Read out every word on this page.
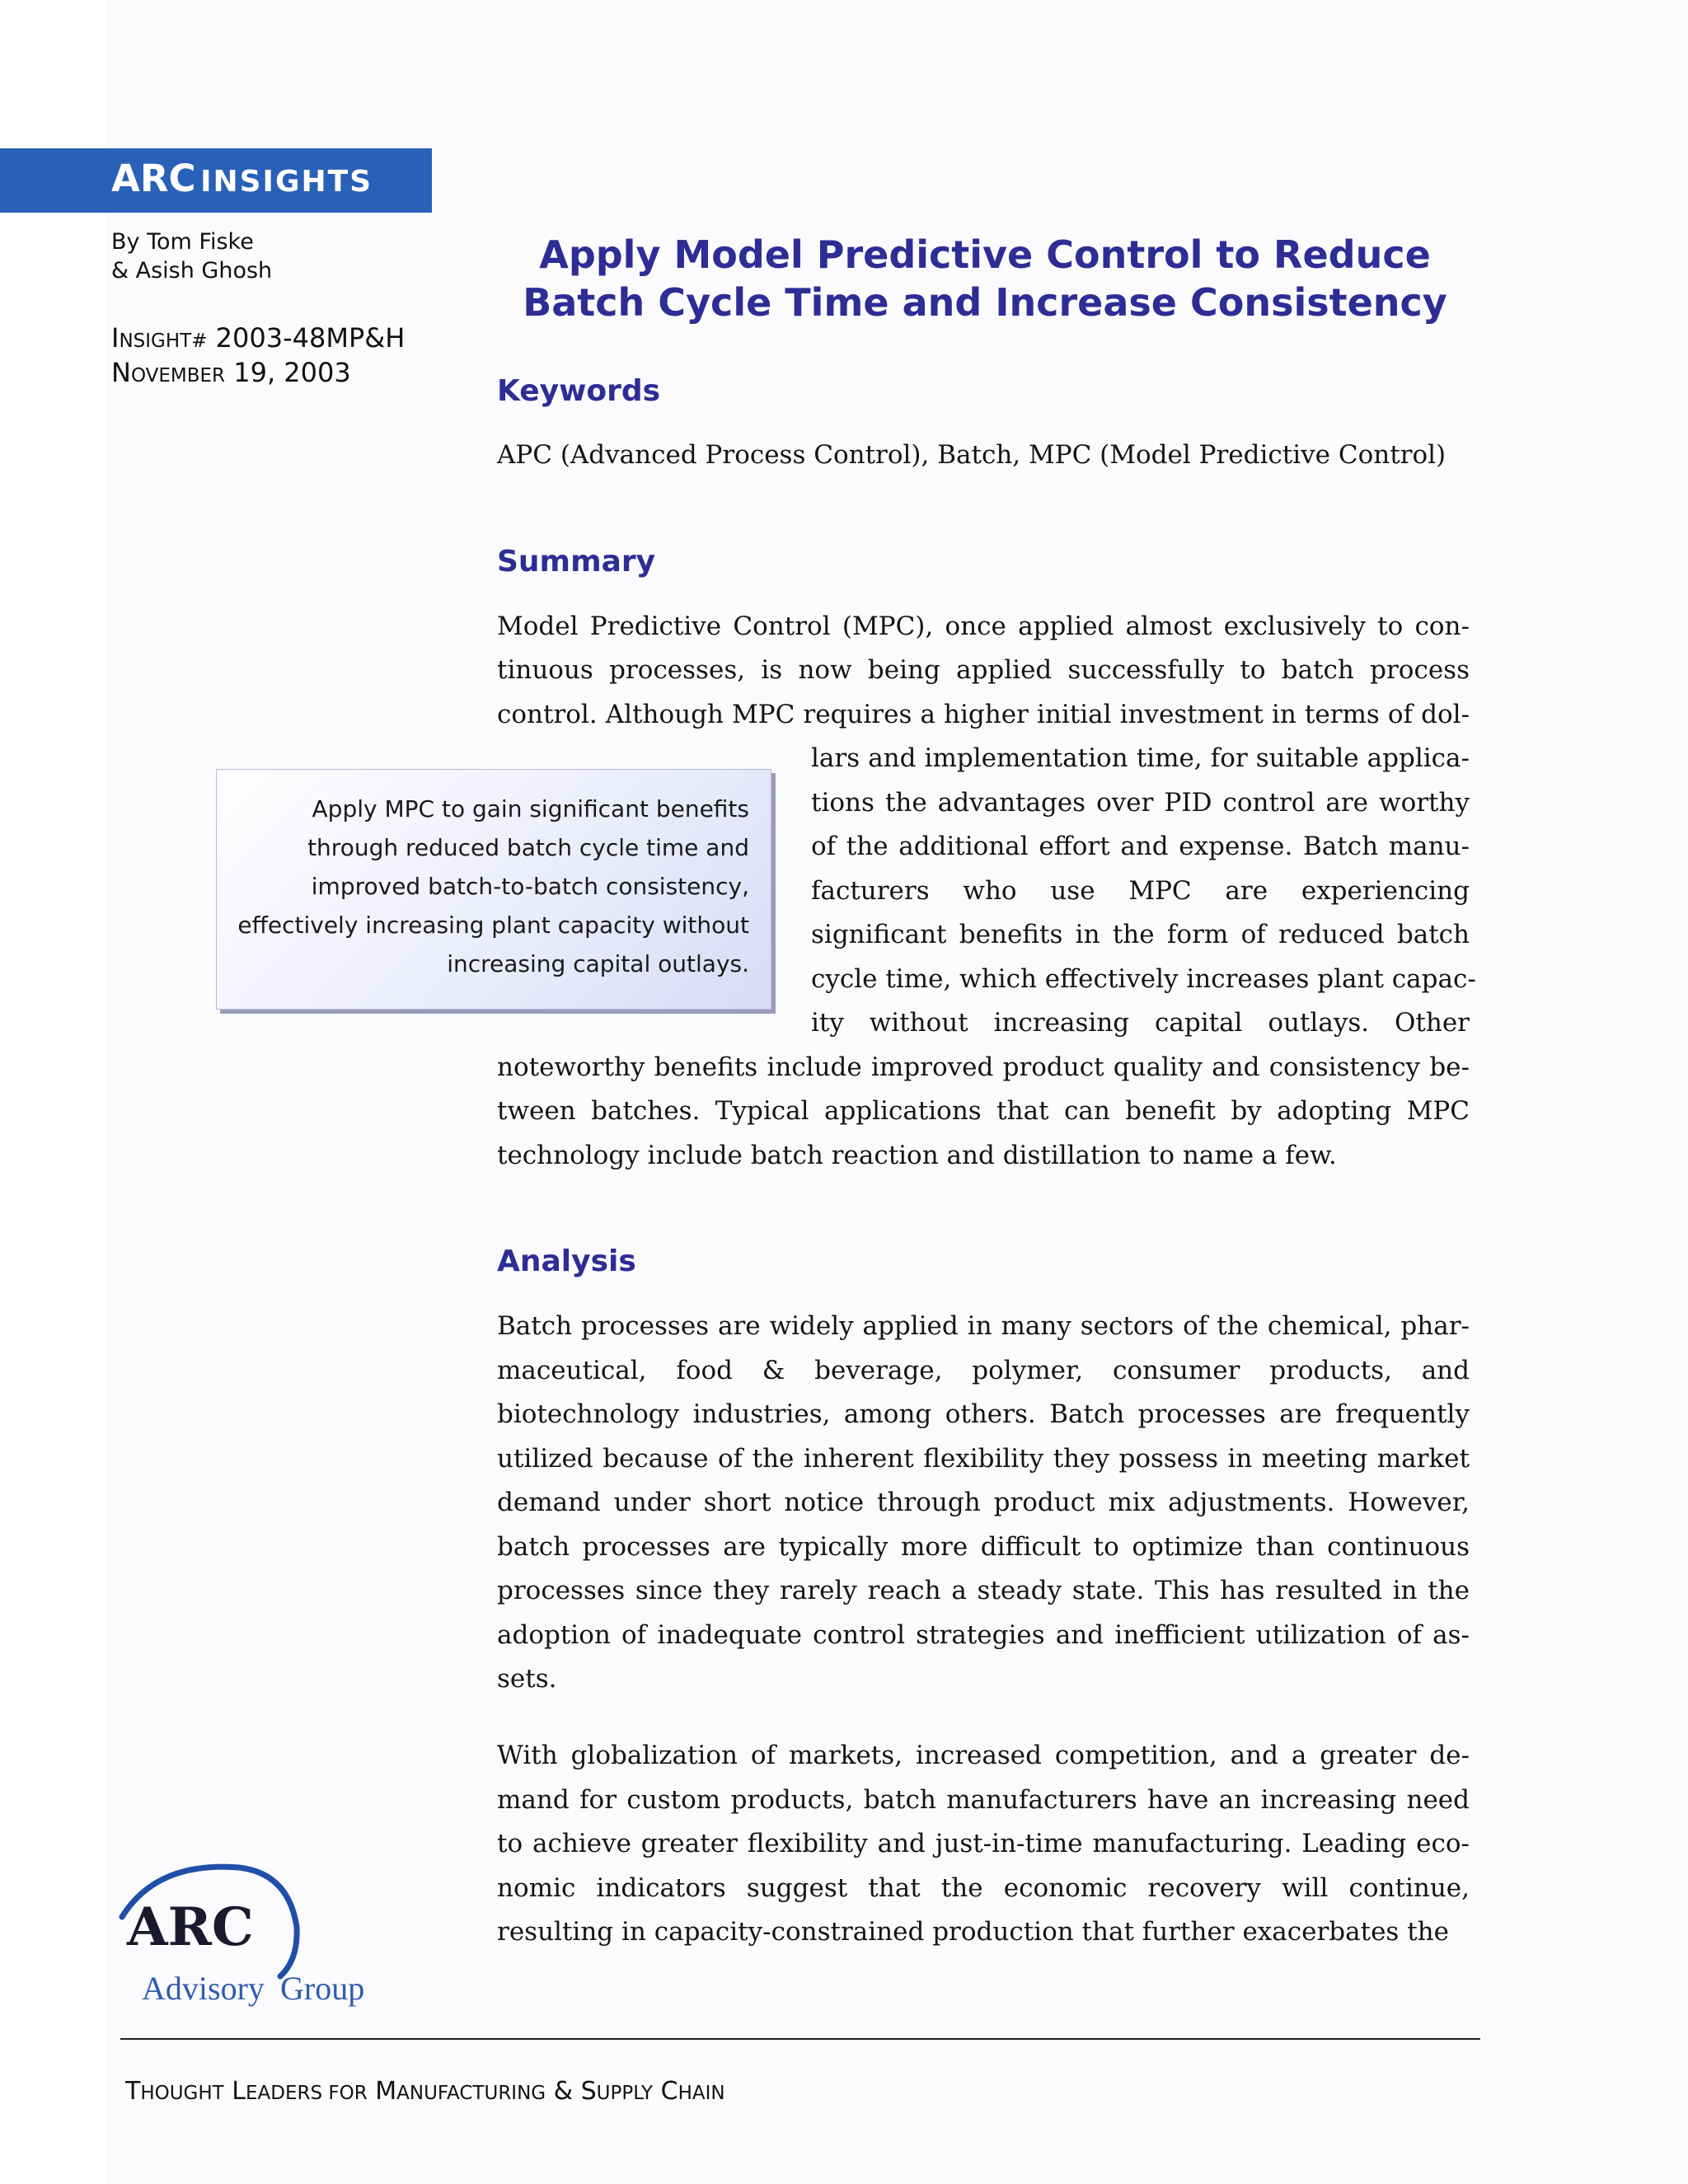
ARC INSIGHTS
By Tom Fiske
& Asish Ghosh
INSIGHT# 2003-48MP&H
NOVEMBER 19, 2003
Apply Model Predictive Control to Reduce
Batch Cycle Time and Increase Consistency
Keywords
APC (Advanced Process Control), Batch, MPC (Model Predictive Control)
Summary
Model Predictive Control (MPC), once applied almost exclusively to con-
tinuous processes, is now being applied successfully to batch process
control. Although MPC requires a higher initial investment in terms of dol-
lars and implementation time, for suitable applica-
tions the advantages over PID control are worthy
of the additional effort and expense. Batch manu-
facturers who use MPC are experiencing
significant benefits in the form of reduced batch
cycle time, which effectively increases plant capac-
ity without increasing capital outlays. Other
noteworthy benefits include improved product quality and consistency be-
tween batches. Typical applications that can benefit by adopting MPC
technology include batch reaction and distillation to name a few.
Apply MPC to gain significant benefits through reduced batch cycle time and improved batch-to-batch consistency, effectively increasing plant capacity without increasing capital outlays.
Analysis
Batch processes are widely applied in many sectors of the chemical, phar-maceutical, food & beverage, polymer, consumer products, and biotechnology industries, among others. Batch processes are frequently utilized because of the inherent flexibility they possess in meeting market demand under short notice through product mix adjustments. However, batch processes are typically more difficult to optimize than continuous processes since they rarely reach a steady state. This has resulted in the adoption of inadequate control strategies and inefficient utilization of as-sets.
With globalization of markets, increased competition, and a greater de-mand for custom products, batch manufacturers have an increasing need to achieve greater flexibility and just-in-time manufacturing. Leading eco-nomic indicators suggest that the economic recovery will continue, resulting in capacity-constrained production that further exacerbates the
ARC
Advisory Group
THOUGHT LEADERS FOR MANUFACTURING & SUPPLY CHAIN
